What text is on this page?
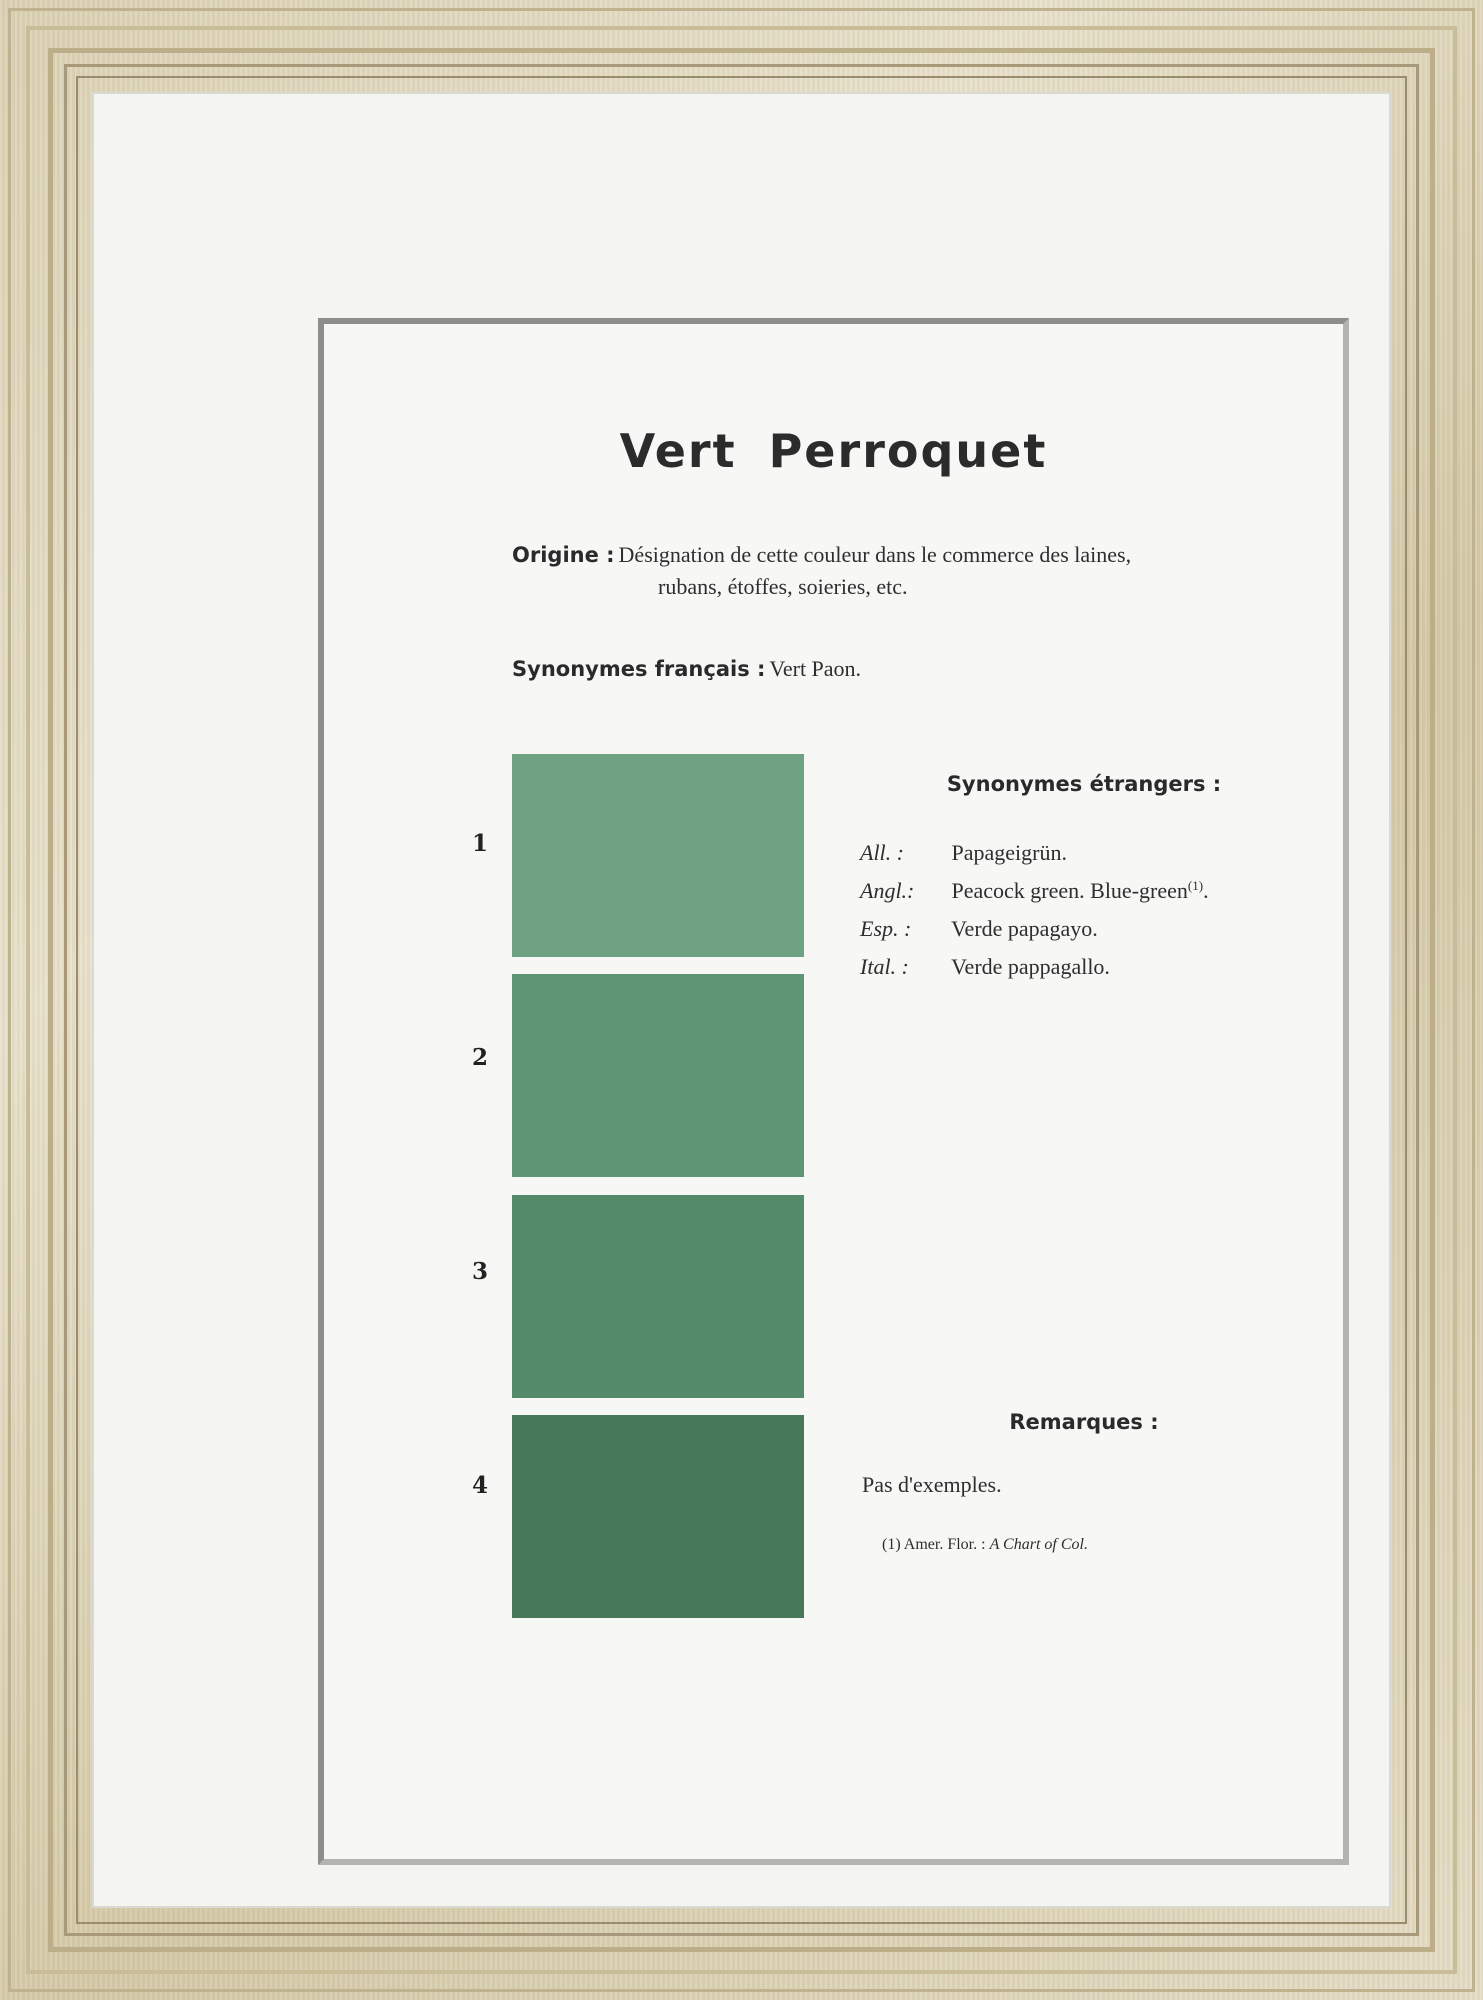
Vert Perroquet
Origine : Désignation de cette couleur dans le commerce des laines,
rubans, étoffes, soieries, etc.
Synonymes français : Vert Paon.
1
2
3
4
Synonymes étrangers :
All. : Papageigrün.
Angl.: Peacock green. Blue-green$^{(1)}$.
Esp. : Verde papagayo.
Ital. : Verde pappagallo.
Remarques :
Pas d'exemples.
(1) Amer. Flor. : A Chart of Col.
